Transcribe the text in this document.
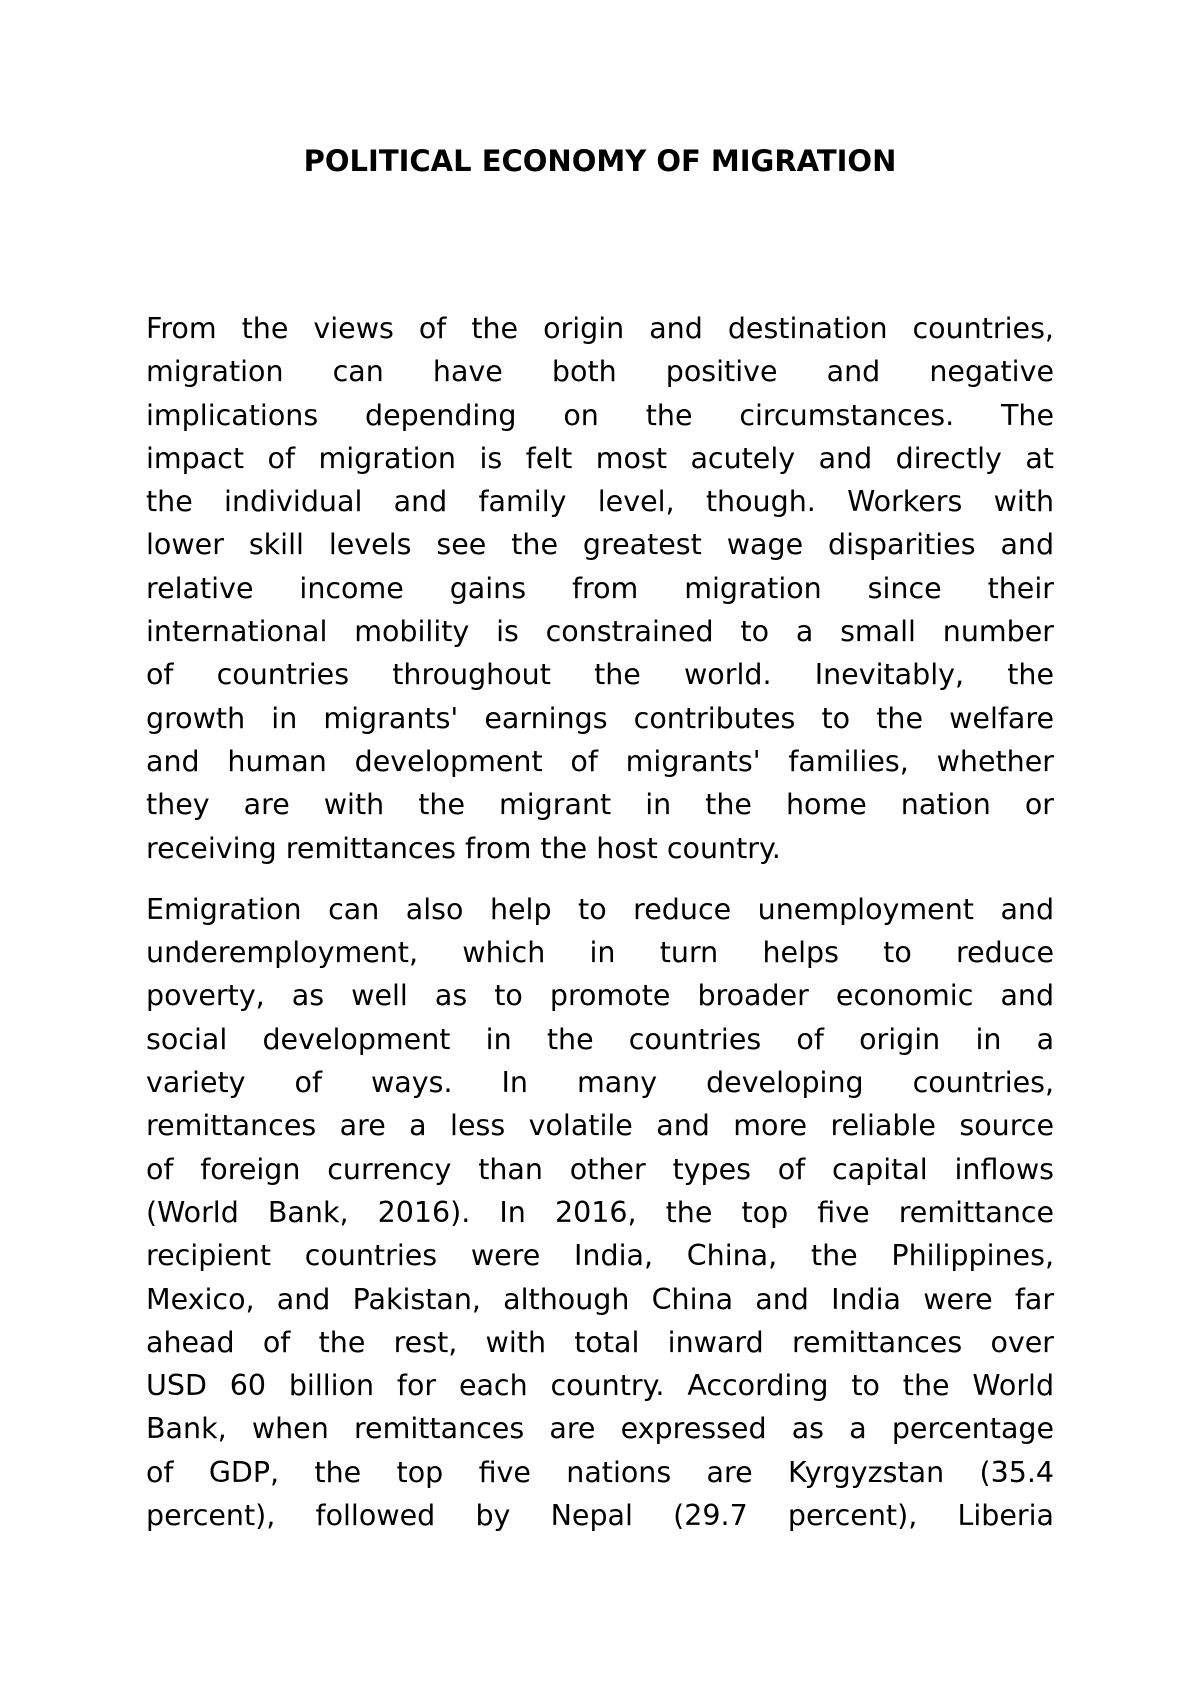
POLITICAL ECONOMY OF MIGRATION

From the views of the origin and destination countries,
migration can have both positive and negative
implications depending on the circumstances. The
impact of migration is felt most acutely and directly at
the individual and family level, though. Workers with
lower skill levels see the greatest wage disparities and
relative income gains from migration since their
international mobility is constrained to a small number
of countries throughout the world. Inevitably, the
growth in migrants' earnings contributes to the welfare
and human development of migrants' families, whether
they are with the migrant in the home nation or
receiving remittances from the host country.

Emigration can also help to reduce unemployment and
underemployment, which in turn helps to reduce
poverty, as well as to promote broader economic and
social development in the countries of origin in a
variety of ways. In many developing countries,
remittances are a less volatile and more reliable source
of foreign currency than other types of capital inflows
(World Bank, 2016). In 2016, the top five remittance
recipient countries were India, China, the Philippines,
Mexico, and Pakistan, although China and India were far
ahead of the rest, with total inward remittances over
USD 60 billion for each country. According to the World
Bank, when remittances are expressed as a percentage
of GDP, the top five nations are Kyrgyzstan (35.4
percent), followed by Nepal (29.7 percent), Liberia
